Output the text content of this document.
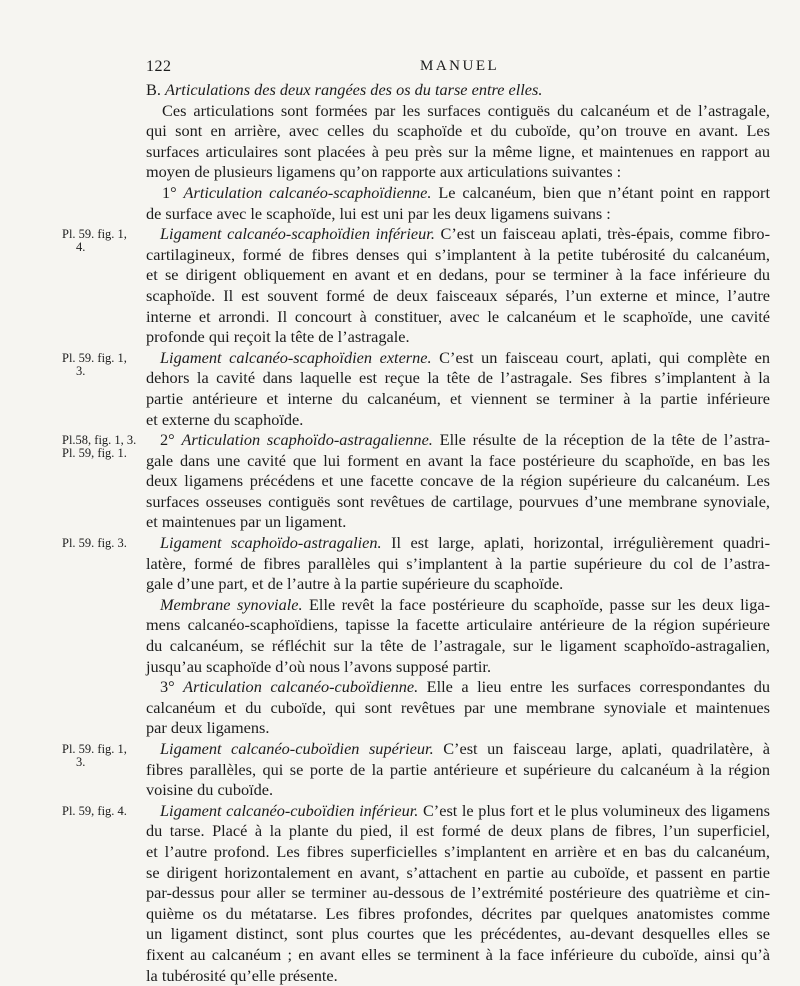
122	MANUEL
B. Articulations des deux rangées des os du tarse entre elles.
Ces articulations sont formées par les surfaces contiguës du calcanéum et de l’astragale,
qui sont en arrière, avec celles du scaphoïde et du cuboïde, qu’on trouve en avant. Les
surfaces articulaires sont placées à peu près sur la même ligne, et maintenues en rapport au
moyen de plusieurs ligamens qu’on rapporte aux articulations suivantes :
1° Articulation calcanéo-scaphoïdienne. Le calcanéum, bien que n’étant point en rapport
de surface avec le scaphoïde, lui est uni par les deux ligamens suivans :
Ligament calcanéo-scaphoïdien inférieur. C’est un faisceau aplati, très-épais, comme fibro-
cartilagineux, formé de fibres denses qui s’implantent à la petite tubérosité du calcanéum,
et se dirigent obliquement en avant et en dedans, pour se terminer à la face inférieure du
scaphoïde. Il est souvent formé de deux faisceaux séparés, l’un externe et mince, l’autre
interne et arrondi. Il concourt à constituer, avec le calcanéum et le scaphoïde, une cavité
profonde qui reçoit la tête de l’astragale.
Ligament calcanéo-scaphoïdien externe. C’est un faisceau court, aplati, qui complète en
dehors la cavité dans laquelle est reçue la tête de l’astragale. Ses fibres s’implantent à la
partie antérieure et interne du calcanéum, et viennent se terminer à la partie inférieure
et externe du scaphoïde.
2° Articulation scaphoïdo-astragalienne. Elle résulte de la réception de la tête de l’astra-
gale dans une cavité que lui forment en avant la face postérieure du scaphoïde, en bas les
deux ligamens précédens et une facette concave de la région supérieure du calcanéum. Les
surfaces osseuses contiguës sont revêtues de cartilage, pourvues d’une membrane synoviale,
et maintenues par un ligament.
Ligament scaphoïdo-astragalien. Il est large, aplati, horizontal, irrégulièrement quadri-
latère, formé de fibres parallèles qui s’implantent à la partie supérieure du col de l’astra-
gale d’une part, et de l’autre à la partie supérieure du scaphoïde.
Membrane synoviale. Elle revêt la face postérieure du scaphoïde, passe sur les deux liga-
mens calcanéo-scaphoïdiens, tapisse la facette articulaire antérieure de la région supérieure
du calcanéum, se réfléchit sur la tête de l’astragale, sur le ligament scaphoïdo-astragalien,
jusqu’au scaphoïde d’où nous l’avons supposé partir.
3° Articulation calcanéo-cuboïdienne. Elle a lieu entre les surfaces correspondantes du
calcanéum et du cuboïde, qui sont revêtues par une membrane synoviale et maintenues
par deux ligamens.
Ligament calcanéo-cuboïdien supérieur. C’est un faisceau large, aplati, quadrilatère, à
fibres parallèles, qui se porte de la partie antérieure et supérieure du calcanéum à la région
voisine du cuboïde.
Ligament calcanéo-cuboïdien inférieur. C’est le plus fort et le plus volumineux des ligamens
du tarse. Placé à la plante du pied, il est formé de deux plans de fibres, l’un superficiel,
et l’autre profond. Les fibres superficielles s’implantent en arrière et en bas du calcanéum,
se dirigent horizontalement en avant, s’attachent en partie au cuboïde, et passent en partie
par-dessus pour aller se terminer au-dessous de l’extrémité postérieure des quatrième et cin-
quième os du métatarse. Les fibres profondes, décrites par quelques anatomistes comme
un ligament distinct, sont plus courtes que les précédentes, au-devant desquelles elles se
fixent au calcanéum ; en avant elles se terminent à la face inférieure du cuboïde, ainsi qu’à
la tubérosité qu’elle présente.
Pl. 59. fig. 1,
4.
Pl. 59. fig. 1,
3.
Pl.58, fig. 1, 3.
Pl. 59, fig. 1.
Pl. 59. fig. 3.
Pl. 59. fig. 1,
3.
Pl. 59, fig. 4.
